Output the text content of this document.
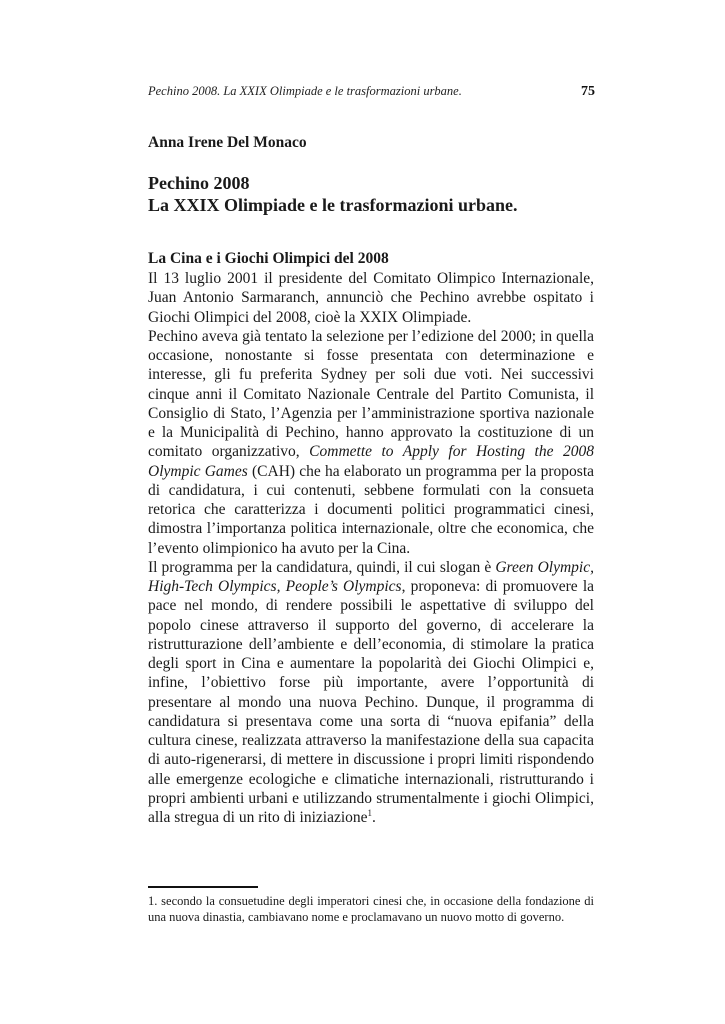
Pechino 2008. La XXIX Olimpiade e le trasformazioni urbane.	75
Anna Irene Del Monaco
Pechino 2008
La XXIX Olimpiade e le trasformazioni urbane.
La Cina e i Giochi Olimpici del 2008

Il 13 luglio 2001 il presidente del Comitato Olimpico Internazionale, Juan Antonio Sarmaranch, annunciò che Pechino avrebbe ospitato i Giochi Olimpici del 2008, cioè la XXIX Olimpiade.

Pechino aveva già tentato la selezione per l’edizione del 2000; in quella occasione, nonostante si fosse presentata con determinazione e interesse, gli fu preferita Sydney per soli due voti. Nei successivi cinque anni il Comitato Nazionale Centrale del Partito Comunista, il Consiglio di Stato, l’Agenzia per l’amministrazione sportiva nazionale e la Municipalità di Pechino, hanno approvato la costituzione di un comitato organizzativo, Commette to Apply for Hosting the 2008 Olympic Games (CAH) che ha elaborato un programma per la proposta di candidatura, i cui contenuti, sebbene formulati con la consueta retorica che caratterizza i documenti politici programmatici cinesi, dimostra l’importanza politica internazionale, oltre che economica, che l’evento olimpionico ha avuto per la Cina.

Il programma per la candidatura, quindi, il cui slogan è Green Olympic, High-Tech Olympics, People’s Olympics, proponeva: di promuovere la pace nel mondo, di rendere possibili le aspettative di sviluppo del popolo cinese attraverso il supporto del governo, di accelerare la ristrutturazione dell’ambiente e dell’economia, di stimolare la pratica degli sport in Cina e aumentare la popolarità dei Giochi Olimpici e, infine, l’obiettivo forse più importante, avere l’opportunità di presentare al mondo una nuova Pechino. Dunque, il programma di candidatura si presentava come una sorta di “nuova epifania” della cultura cinese, realizzata attraverso la manifestazione della sua capacita di auto-rigenerarsi, di mettere in discussione i propri limiti rispondendo alle emergenze ecologiche e climatiche internazionali, ristrutturando i propri ambienti urbani e utilizzando strumentalmente i giochi Olimpici, alla stregua di un rito di iniziazione$^1$.

1. secondo la consuetudine degli imperatori cinesi che, in occasione della fondazione di una nuova dinastia, cambiavano nome e proclamavano un nuovo motto di governo.
